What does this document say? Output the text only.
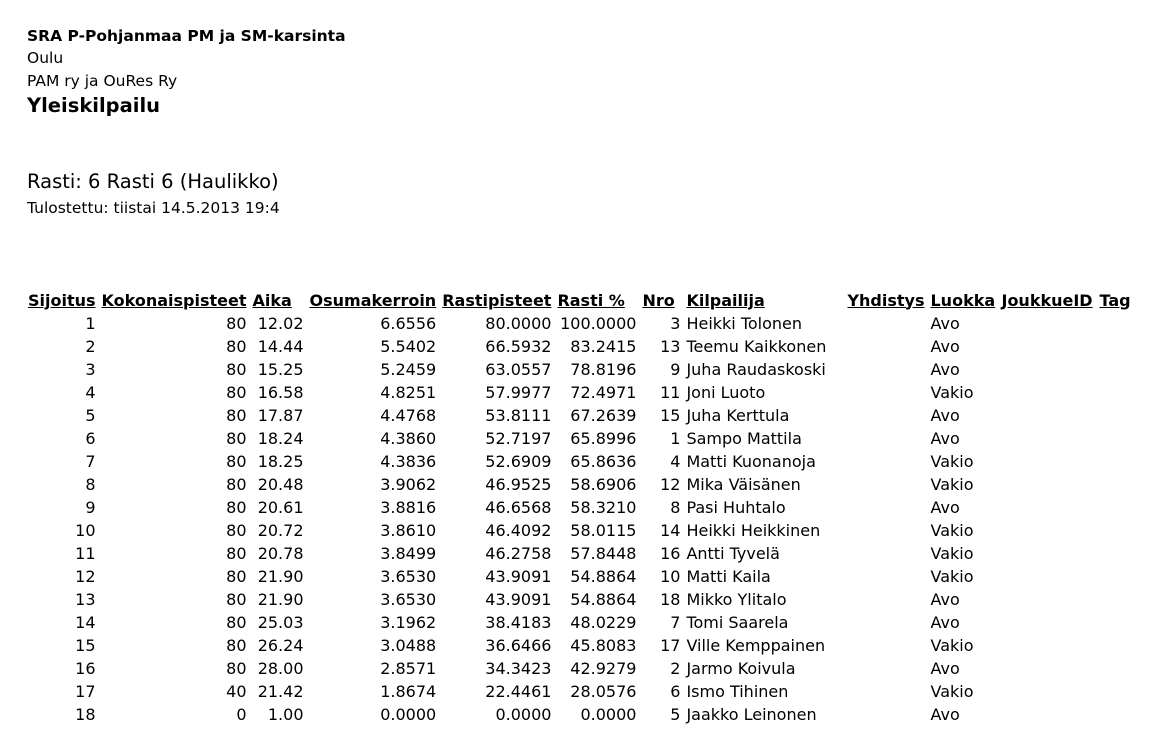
SRA P-Pohjanmaa PM ja SM-karsinta
Oulu
PAM ry ja OuRes Ry
Yleiskilpailu
Rasti: 6 Rasti 6 (Haulikko)
Tulostettu: tiistai 14.5.2013 19:4
Sijoitus	Kokonaispisteet	Aika	Osumakerroin	Rastipisteet	Rasti %	Nro	Kilpailija	Yhdistys	Luokka	JoukkueID	Tag
1	80	12.02	6.6556	80.0000	100.0000	3	Heikki Tolonen		Avo		
2	80	14.44	5.5402	66.5932	83.2415	13	Teemu Kaikkonen		Avo		
3	80	15.25	5.2459	63.0557	78.8196	9	Juha Raudaskoski		Avo		
4	80	16.58	4.8251	57.9977	72.4971	11	Joni Luoto		Vakio		
5	80	17.87	4.4768	53.8111	67.2639	15	Juha Kerttula		Avo		
6	80	18.24	4.3860	52.7197	65.8996	1	Sampo Mattila		Avo		
7	80	18.25	4.3836	52.6909	65.8636	4	Matti Kuonanoja		Vakio		
8	80	20.48	3.9062	46.9525	58.6906	12	Mika Väisänen		Vakio		
9	80	20.61	3.8816	46.6568	58.3210	8	Pasi Huhtalo		Avo		
10	80	20.72	3.8610	46.4092	58.0115	14	Heikki Heikkinen		Vakio		
11	80	20.78	3.8499	46.2758	57.8448	16	Antti Tyvelä		Vakio		
12	80	21.90	3.6530	43.9091	54.8864	10	Matti Kaila		Vakio		
13	80	21.90	3.6530	43.9091	54.8864	18	Mikko Ylitalo		Avo		
14	80	25.03	3.1962	38.4183	48.0229	7	Tomi Saarela		Avo		
15	80	26.24	3.0488	36.6466	45.8083	17	Ville Kemppainen		Vakio		
16	80	28.00	2.8571	34.3423	42.9279	2	Jarmo Koivula		Avo		
17	40	21.42	1.8674	22.4461	28.0576	6	Ismo Tihinen		Vakio		
18	0	1.00	0.0000	0.0000	0.0000	5	Jaakko Leinonen		Avo		
